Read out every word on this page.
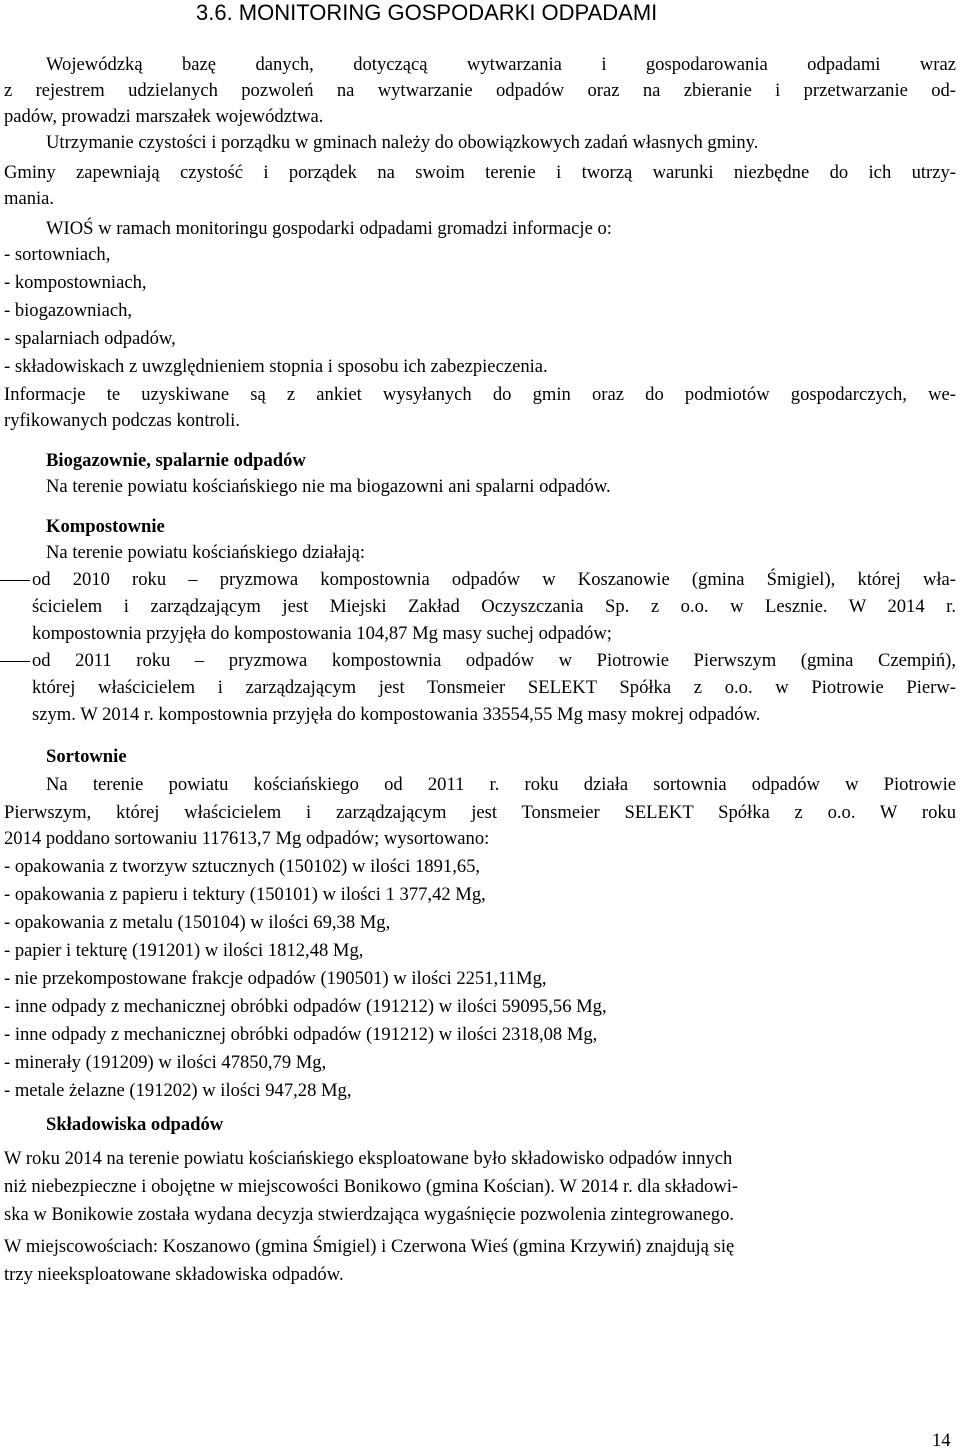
3.6. MONITORING GOSPODARKI ODPADAMI
Wojewódzką bazę danych, dotyczącą wytwarzania i gospodarowania odpadami wraz
z rejestrem udzielanych pozwoleń na wytwarzanie odpadów oraz na zbieranie i przetwarzanie od-
padów, prowadzi marszałek województwa.
Utrzymanie czystości i porządku w gminach należy do obowiązkowych zadań własnych gminy.
Gminy zapewniają czystość i porządek na swoim terenie i tworzą warunki niezbędne do ich utrzy-
mania.
WIOŚ w ramach monitoringu gospodarki odpadami gromadzi informacje o:
- sortowniach,
- kompostowniach,
- biogazowniach,
- spalarniach odpadów,
- składowiskach z uwzględnieniem stopnia i sposobu ich zabezpieczenia.
Informacje te uzyskiwane są z ankiet wysyłanych do gmin oraz do podmiotów gospodarczych, we-
ryfikowanych podczas kontroli.
Biogazownie, spalarnie odpadów
Na terenie powiatu kościańskiego nie ma biogazowni ani spalarni odpadów.
Kompostownie
Na terenie powiatu kościańskiego działają:
od 2010 roku – pryzmowa kompostownia odpadów w Koszanowie (gmina Śmigiel), której wła-
ścicielem i zarządzającym jest Miejski Zakład Oczyszczania Sp. z o.o. w Lesznie. W 2014 r.
kompostownia przyjęła do kompostowania 104,87 Mg masy suchej odpadów;
od 2011 roku – pryzmowa kompostownia odpadów w Piotrowie Pierwszym (gmina Czempiń),
której właścicielem i zarządzającym jest Tonsmeier SELEKT Spółka z o.o. w Piotrowie Pierw-
szym. W 2014 r. kompostownia przyjęła do kompostowania 33554,55 Mg masy mokrej odpadów.
Sortownie
Na terenie powiatu kościańskiego od 2011 r. roku działa sortownia odpadów w Piotrowie
Pierwszym, której właścicielem i zarządzającym jest Tonsmeier SELEKT Spółka z o.o. W roku
2014 poddano sortowaniu 117613,7 Mg odpadów; wysortowano:
- opakowania z tworzyw sztucznych (150102) w ilości 1891,65,
- opakowania z papieru i tektury (150101) w ilości 1 377,42 Mg,
- opakowania z metalu (150104) w ilości 69,38 Mg,
- papier i tekturę (191201) w ilości 1812,48 Mg,
- nie przekompostowane frakcje odpadów (190501) w ilości 2251,11Mg,
- inne odpady z mechanicznej obróbki odpadów (191212) w ilości 59095,56 Mg,
- inne odpady z mechanicznej obróbki odpadów (191212) w ilości 2318,08 Mg,
- minerały (191209) w ilości 47850,79 Mg,
- metale żelazne (191202) w ilości 947,28 Mg,
Składowiska odpadów
W roku 2014 na terenie powiatu kościańskiego eksploatowane było składowisko odpadów innych
niż niebezpieczne i obojętne w miejscowości Bonikowo (gmina Kościan). W 2014 r. dla składowi-
ska w Bonikowie została wydana decyzja stwierdzająca wygaśnięcie pozwolenia zintegrowanego.
W miejscowościach: Koszanowo (gmina Śmigiel) i Czerwona Wieś (gmina Krzywiń) znajdują się
trzy nieeksploatowane składowiska odpadów.
14
